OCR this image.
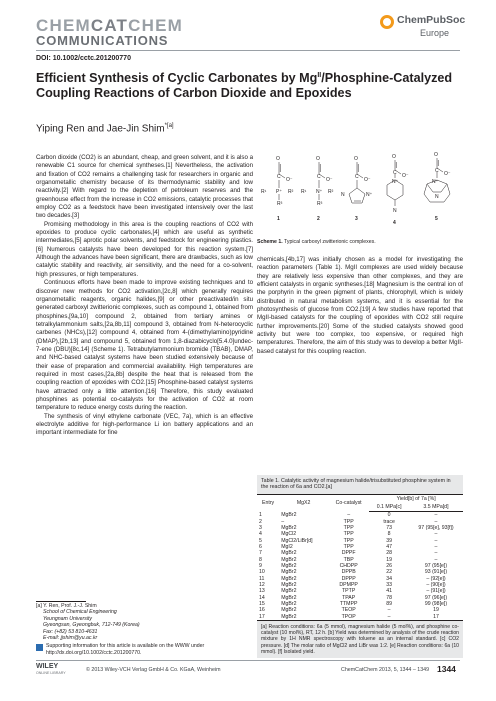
CHEMCATCHEM
COMMUNICATIONS
ChemPubSoc
Europe
DOI: 10.1002/cctc.201200770
Efficient Synthesis of Cyclic Carbonates by $Mg^{II}/Phosphine$-Catalyzed Coupling Reactions of Carbon Dioxide and Epoxides
Yiping Ren and Jae-Jin Shim$^{*[a]}$

Carbon dioxide (CO2) is an abundant, cheap, and green solvent, and it is also a renewable C1 source for chemical syntheses.[1] Nevertheless, the activation and fixation of CO2 remains a challenging task for researchers in organic and organometallic chemistry because of its thermodynamic stability and low reactivity.[2] With regard to the depletion of petroleum reserves and the greenhouse effect from the increase in CO2 emissions, catalytic processes that employ CO2 as a feedstock have been investigated intensively over the last two decades.[3]

Promising methodology in this area is the coupling reactions of CO2 with epoxides to produce cyclic carbonates,[4] which are useful as synthetic intermediates,[5] aprotic polar solvents, and feedstock for engineering plastics.[6] Numerous catalysts have been developed for this reaction system.[7] Although the advances have been significant, there are drawbacks, such as low catalytic stability and reactivity, air sensitivity, and the need for a co-solvent, high pressures, or high temperatures.

Continuous efforts have been made to improve existing techniques and to discover new methods for CO2 activation,[2c,8] which generally requires organometallic reagents, organic halides,[9] or other preactivated/in situ generated carboxyl zwitterionic complexes, such as compound 1, obtained from phosphines,[9a,10] compound 2, obtained from tertiary amines or tetralkylammonium salts,[2a,8b,11] compound 3, obtained from N-heterocyclic carbenes (NHCs),[12] compound 4, obtained from 4-(dimethylamino)pyridine (DMAP),[2b,13] and compound 5, obtained from 1,8-diazabicyclo[5.4.0]undec-7-ene (DBU)[8c,14] (Scheme 1). Tetrabutylammonium bromide (TBAB), DMAP, and NHC-based catalyst systems have been studied extensively because of their ease of preparation and commercial availability. High temperatures are required in most cases,[2a,8b] despite the heat that is released from the coupling reaction of epoxides with CO2.[15] Phosphine-based catalyst systems have attracted only a little attention.[16] Therefore, this study evaluated phosphines as potential co-catalysts for the activation of CO2 at room temperature to reduce energy costs during the reaction.

The synthesis of vinyl ethylene carbonate (VEC, 7a), which is an effective electrolyte additive for high-performance Li ion battery applications and an important intermediate for fine

[a] Y. Ren, Prof. J.-J. Shim
School of Chemical Engineering
Yeungnam University
Gyeongsan, Gyeongbuk, 712-749 (Korea)
Fax: (+82) 53 810-4631
E-mail: jjshim@yu.ac.kr
Supporting information for this article is available on the WWW under http://dx.doi.org/10.1002/cctc.201200770.
O
O⁻
C
R¹ P⁺ R²
R³
1
O
O⁻
C
R¹ N⁺ R²
R³
2
O
O⁻
C
N	N⁺
3
O
O⁻
C
N⁺
N
4
O
O⁻
C
N⁺
N
5
Scheme 1. Typical carboxyl zwitterionic complexes.

chemicals,[4b,17] was initially chosen as a model for investigating the reaction parameters (Table 1). MgII complexes are used widely because they are relatively less expensive than other complexes, and they are efficient catalysts in organic syntheses.[18] Magnesium is the central ion of the porphyrin in the green pigment of plants, chlorophyll, which is widely distributed in natural metabolism systems, and it is essential for the photosynthesis of glucose from CO2.[19] A few studies have reported that MgII-based catalysts for the coupling of epoxides with CO2 still require further improvements.[20] Some of the studied catalysts showed good activity but were too complex, too expensive, or required high temperatures. Therefore, the aim of this study was to develop a better MgII-based catalyst for this coupling reaction.

Table 1. Catalytic activity of magnesium halide/trisubstituted phosphine system in the reaction of 6a and CO2.[a]
Entry	MgX2	Co-catalyst	Yield[b] of 7a [%]	
			0.1 MPa[c]	3.5 MPa[d]
1	MgBr2	–	0	–
2	–	TPP	trace	–
3	MgBr2	TPP	73	97 (95[e], 93[f])
4	MgCl2	TPP	8	–
5	MgCl2/LiBr[d]	TPP	39	–
6	MgI2	TPP	47	–
7	MgBr2	DPPF	28	–
8	MgBr2	TBP	19	–
9	MgBr2	CHDPP	26	97 (95[e])
10	MgBr2	DPPB	22	93 (91[e])
11	MgBr2	DPPP	34	– (92[e])
12	MgBr2	DPMPP	33	– (90[e])
13	MgBr2	TPTP	41	– (91[e])
14	MgBr2	TPAP	78	97 (96[e])
15	MgBr2	TTMPP	89	99 (98[e])
16	MgBr2	TEOP	–	19
17	MgBr2	TPOP	–	17
[a] Reaction conditions: 6a (5 mmol), magnesium halide (5 mol%), and phosphine co-catalyst (10 mol%), RT, 12 h. [b] Yield was determined by analysis of the crude reaction mixture by 1H NMR spectroscopy with toluene as an internal standard. [c] CO2 pressure. [d] The molar ratio of MgCl2 and LiBr was 1:2. [e] Reaction conditions: 6a (10 mmol). [f] Isolated yield.
WILEY
ONLINE LIBRARY	© 2013 Wiley-VCH Verlag GmbH & Co. KGaA, Weinheim	ChemCatChem 2013, 5, 1344 – 1349 1344
